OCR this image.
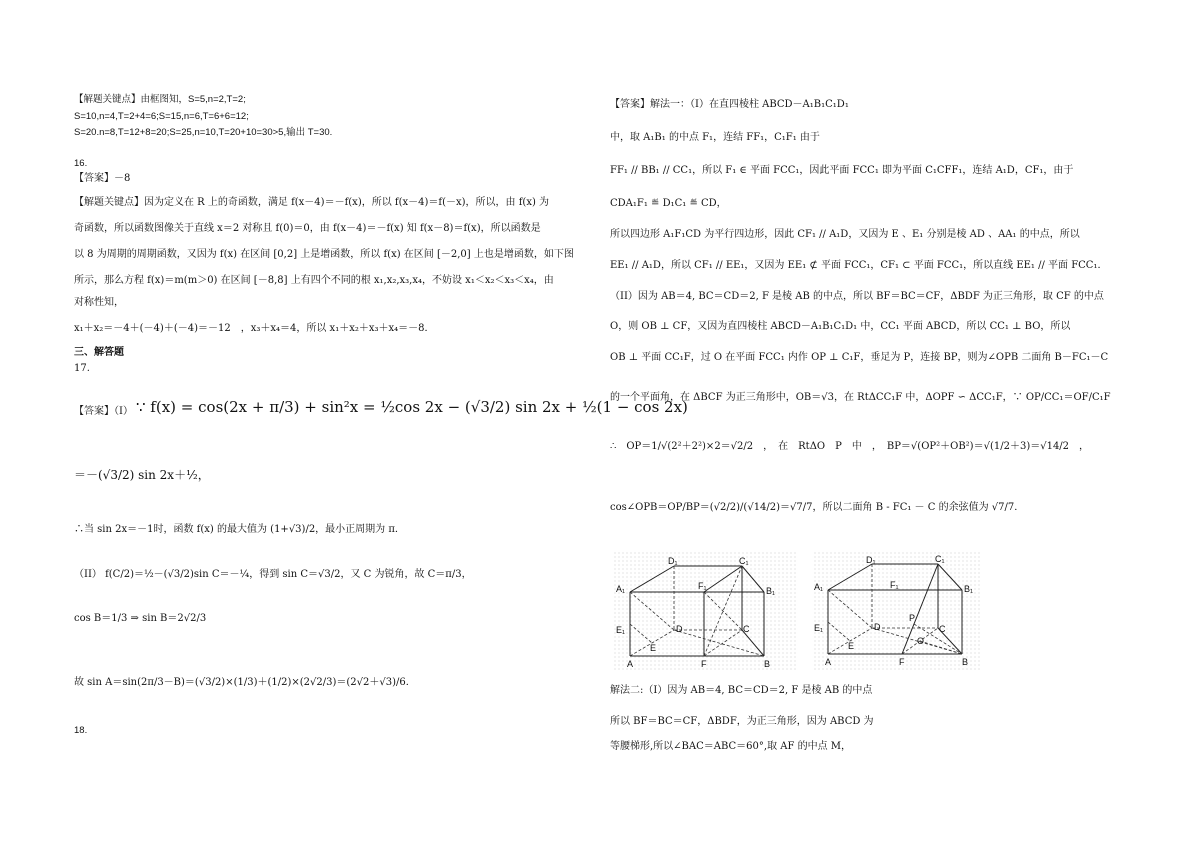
【解题关键点】由框图知，S=5,n=2,T=2;
S=10,n=4,T=2+4=6;S=15,n=6,T=6+6=12;
S=20.n=8,T=12+8=20;S=25,n=10,T=20+10=30>5,输出 T=30.
16.
【答案】－8
【解题关键点】因为定义在 R 上的奇函数，满足 f(x－4)＝－f(x)，所以 f(x－4)＝f(－x)，所以，由 f(x) 为
奇函数，所以函数图像关于直线 x＝2 对称且 f(0)＝0，由 f(x－4)＝－f(x) 知 f(x－8)＝f(x)，所以函数是
以 8 为周期的周期函数，又因为 f(x) 在区间 [0,2] 上是增函数，所以 f(x) 在区间 [－2,0] 上也是增函数，如下图
所示，那么方程 f(x)＝m(m＞0) 在区间 [－8,8] 上有四个不同的根 x₁,x₂,x₃,x₄，不妨设 x₁＜x₂＜x₃＜x₄，由
对称性知，
x₁＋x₂＝－4＋(－4)＋(－4)＝－12　，x₃＋x₄＝4，所以 x₁＋x₂＋x₃＋x₄＝－8．
三、解答题
17.
【答案】（I） ∵ f(x) = cos(2x + π/3) + sin²x = ½cos 2x − (√3/2) sin 2x + ½(1 − cos 2x)
＝－(√3/2) sin 2x＋½，
∴当 sin 2x＝－1时，函数 f(x) 的最大值为 (1+√3)/2，最小正周期为 π．
（II） f(C/2)＝½－(√3/2)sin C＝－¼，得到 sin C＝√3/2，又 C 为锐角，故 C＝π/3，
cos B＝1/3 ⇒ sin B＝2√2/3
故 sin A＝sin(2π/3－B)＝(√3/2)×(1/3)＋(1/2)×(2√2/3)＝(2√2＋√3)/6．
18.
【答案】解法一：（I）在直四棱柱 ABCD－A₁B₁C₁D₁
中，取 A₁B₁ 的中点 F₁，连结 FF₁，C₁F₁ 由于
FF₁ // BB₁ // CC₁，所以 F₁ ∈ 平面 FCC₁，因此平面 FCC₁ 即为平面 C₁CFF₁，连结 A₁D，CF₁，由于
CDA₁F₁ ≝ D₁C₁ ≝ CD，
所以四边形 A₁F₁CD 为平行四边形，因此 CF₁ // A₁D，又因为 E 、E₁ 分别是棱 AD 、AA₁ 的中点，所以
EE₁ // A₁D，所以 CF₁ // EE₁，又因为 EE₁ ⊄ 平面 FCC₁，CF₁ ⊂ 平面 FCC₁，所以直线 EE₁ // 平面 FCC₁．
（II）因为 AB＝4, BC＝CD＝2, F 是棱 AB 的中点，所以 BF＝BC＝CF，ΔBDF 为正三角形，取 CF 的中点
O，则 OB ⊥ CF，又因为直四棱柱 ABCD－A₁B₁C₁D₁ 中，CC₁ 平面 ABCD，所以 CC₁ ⊥ BO，所以
OB ⊥ 平面 CC₁F，过 O 在平面 FCC₁ 内作 OP ⊥ C₁F，垂足为 P，连接 BP，则为∠OPB 二面角 B－FC₁－C
的一个平面角，在 ΔBCF 为正三角形中，OB＝√3，在 RtΔCC₁F 中，ΔOPF ∽ ΔCC₁F，∵ OP/CC₁＝OF/C₁F
∴　OP＝1/√(2²＋2²)×2＝√2/2　，　在　RtΔO　P　中　，　BP＝√(OP²＋OB²)＝√(1/2＋3)＝√14/2　，
cos∠OPB＝OP/BP＝(√2/2)/(√14/2)＝√7/7，所以二面角 B - FC₁ － C 的余弦值为 √7/7．
D₁	C₁
A₁	F₁	B₁
E₁	D	C
E
A	F	B
D₁	C₁
A₁	F₁	B₁
E₁	D	C
E
A	F	B
P
O
解法二:（I）因为 AB＝4, BC＝CD＝2, F 是棱 AB 的中点
所以 BF＝BC＝CF，ΔBDF，为正三角形，因为 ABCD 为
等腰梯形,所以∠BAC＝ABC＝60°,取 AF 的中点 M，
